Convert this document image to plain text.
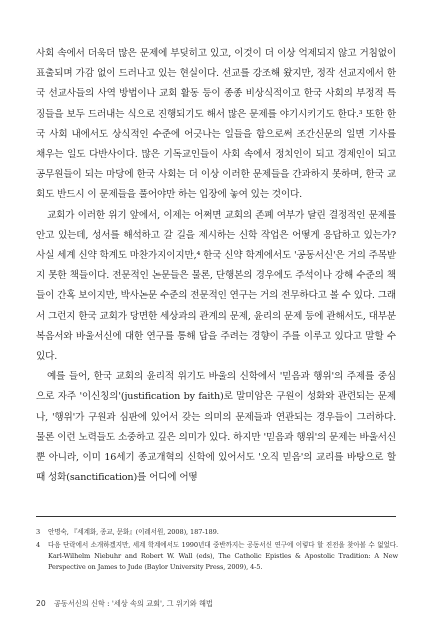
사회 속에서 더욱더 많은 문제에 부딪히고 있고, 이것이 더 이상 억제되지 않고 거침없이 표출되며 가감 없이 드러나고 있는 현실이다. 선교를 강조해 왔지만, 정작 선교지에서 한국 선교사들의 사역 방법이나 교회 활동 등이 종종 비상식적이고 한국 사회의 부정적 특징들을 보두 드러내는 식으로 진행되기도 해서 많은 문제를 야기시키기도 한다.³ 또한 한국 사회 내에서도 상식적인 수준에 어긋나는 일들을 함으로써 조간신문의 일면 기사를 채우는 일도 다반사이다. 많은 기독교인들이 사회 속에서 정치인이 되고 경제인이 되고 공무원들이 되는 마당에 한국 사회는 더 이상 이러한 문제들을 간과하지 못하며, 한국 교회도 반드시 이 문제들을 풀어야만 하는 입장에 놓여 있는 것이다.

교회가 이러한 위기 앞에서, 이제는 어쩌면 교회의 존폐 여부가 달린 결정적인 문제를 안고 있는데, 성서를 해석하고 갈 길을 제시하는 신학 작업은 어떻게 응답하고 있는가? 사실 세계 신약 학계도 마찬가지이지만,⁴ 한국 신약 학계에서도 '공동서신'은 거의 주목받지 못한 책들이다. 전문적인 논문들은 물론, 단행본의 경우에도 주석이나 강해 수준의 책들이 간혹 보이지만, 박사논문 수준의 전문적인 연구는 거의 전무하다고 볼 수 있다. 그래서 그런지 한국 교회가 당면한 세상과의 관계의 문제, 윤리의 문제 등에 관해서도, 대부분 복음서와 바울서신에 대한 연구를 통해 답을 주려는 경향이 주를 이루고 있다고 말할 수 있다.

예를 들어, 한국 교회의 윤리적 위기도 바울의 신학에서 '믿음과 행위'의 주제를 중심으로 자주 '이신칭의'(justification by faith)로 말미암은 구원이 성화와 관련되는 문제나, '행위'가 구원과 심판에 있어서 갖는 의미의 문제들과 연관되는 경우들이 그러하다. 물론 이런 노력들도 소중하고 깊은 의미가 있다. 하지만 '믿음과 행위'의 문제는 바울서신뿐 아니라, 이미 16세기 종교개혁의 신학에 있어서도 '오직 믿음'의 교리를 바탕으로 할 때 성화(sanctification)를 어디에 어떻

3	안명숙, 『세계화, 종교, 문화』(이레서원, 2008), 187-189.
4	다음 단락에서 소개하겠지만, 세계 학계에서도 1990년대 중반까지는 공동서신 연구에 이렇다 할 진전을 찾아볼 수 없었다. Karl-Wilhelm Niebuhr and Robert W. Wall (eds), The Catholic Epistles & Apostolic Tradition: A New Perspective on James to Jude (Baylor University Press, 2009), 4-5.
20 공동서신의 신학 : '세상 속의 교회', 그 위기와 해법
